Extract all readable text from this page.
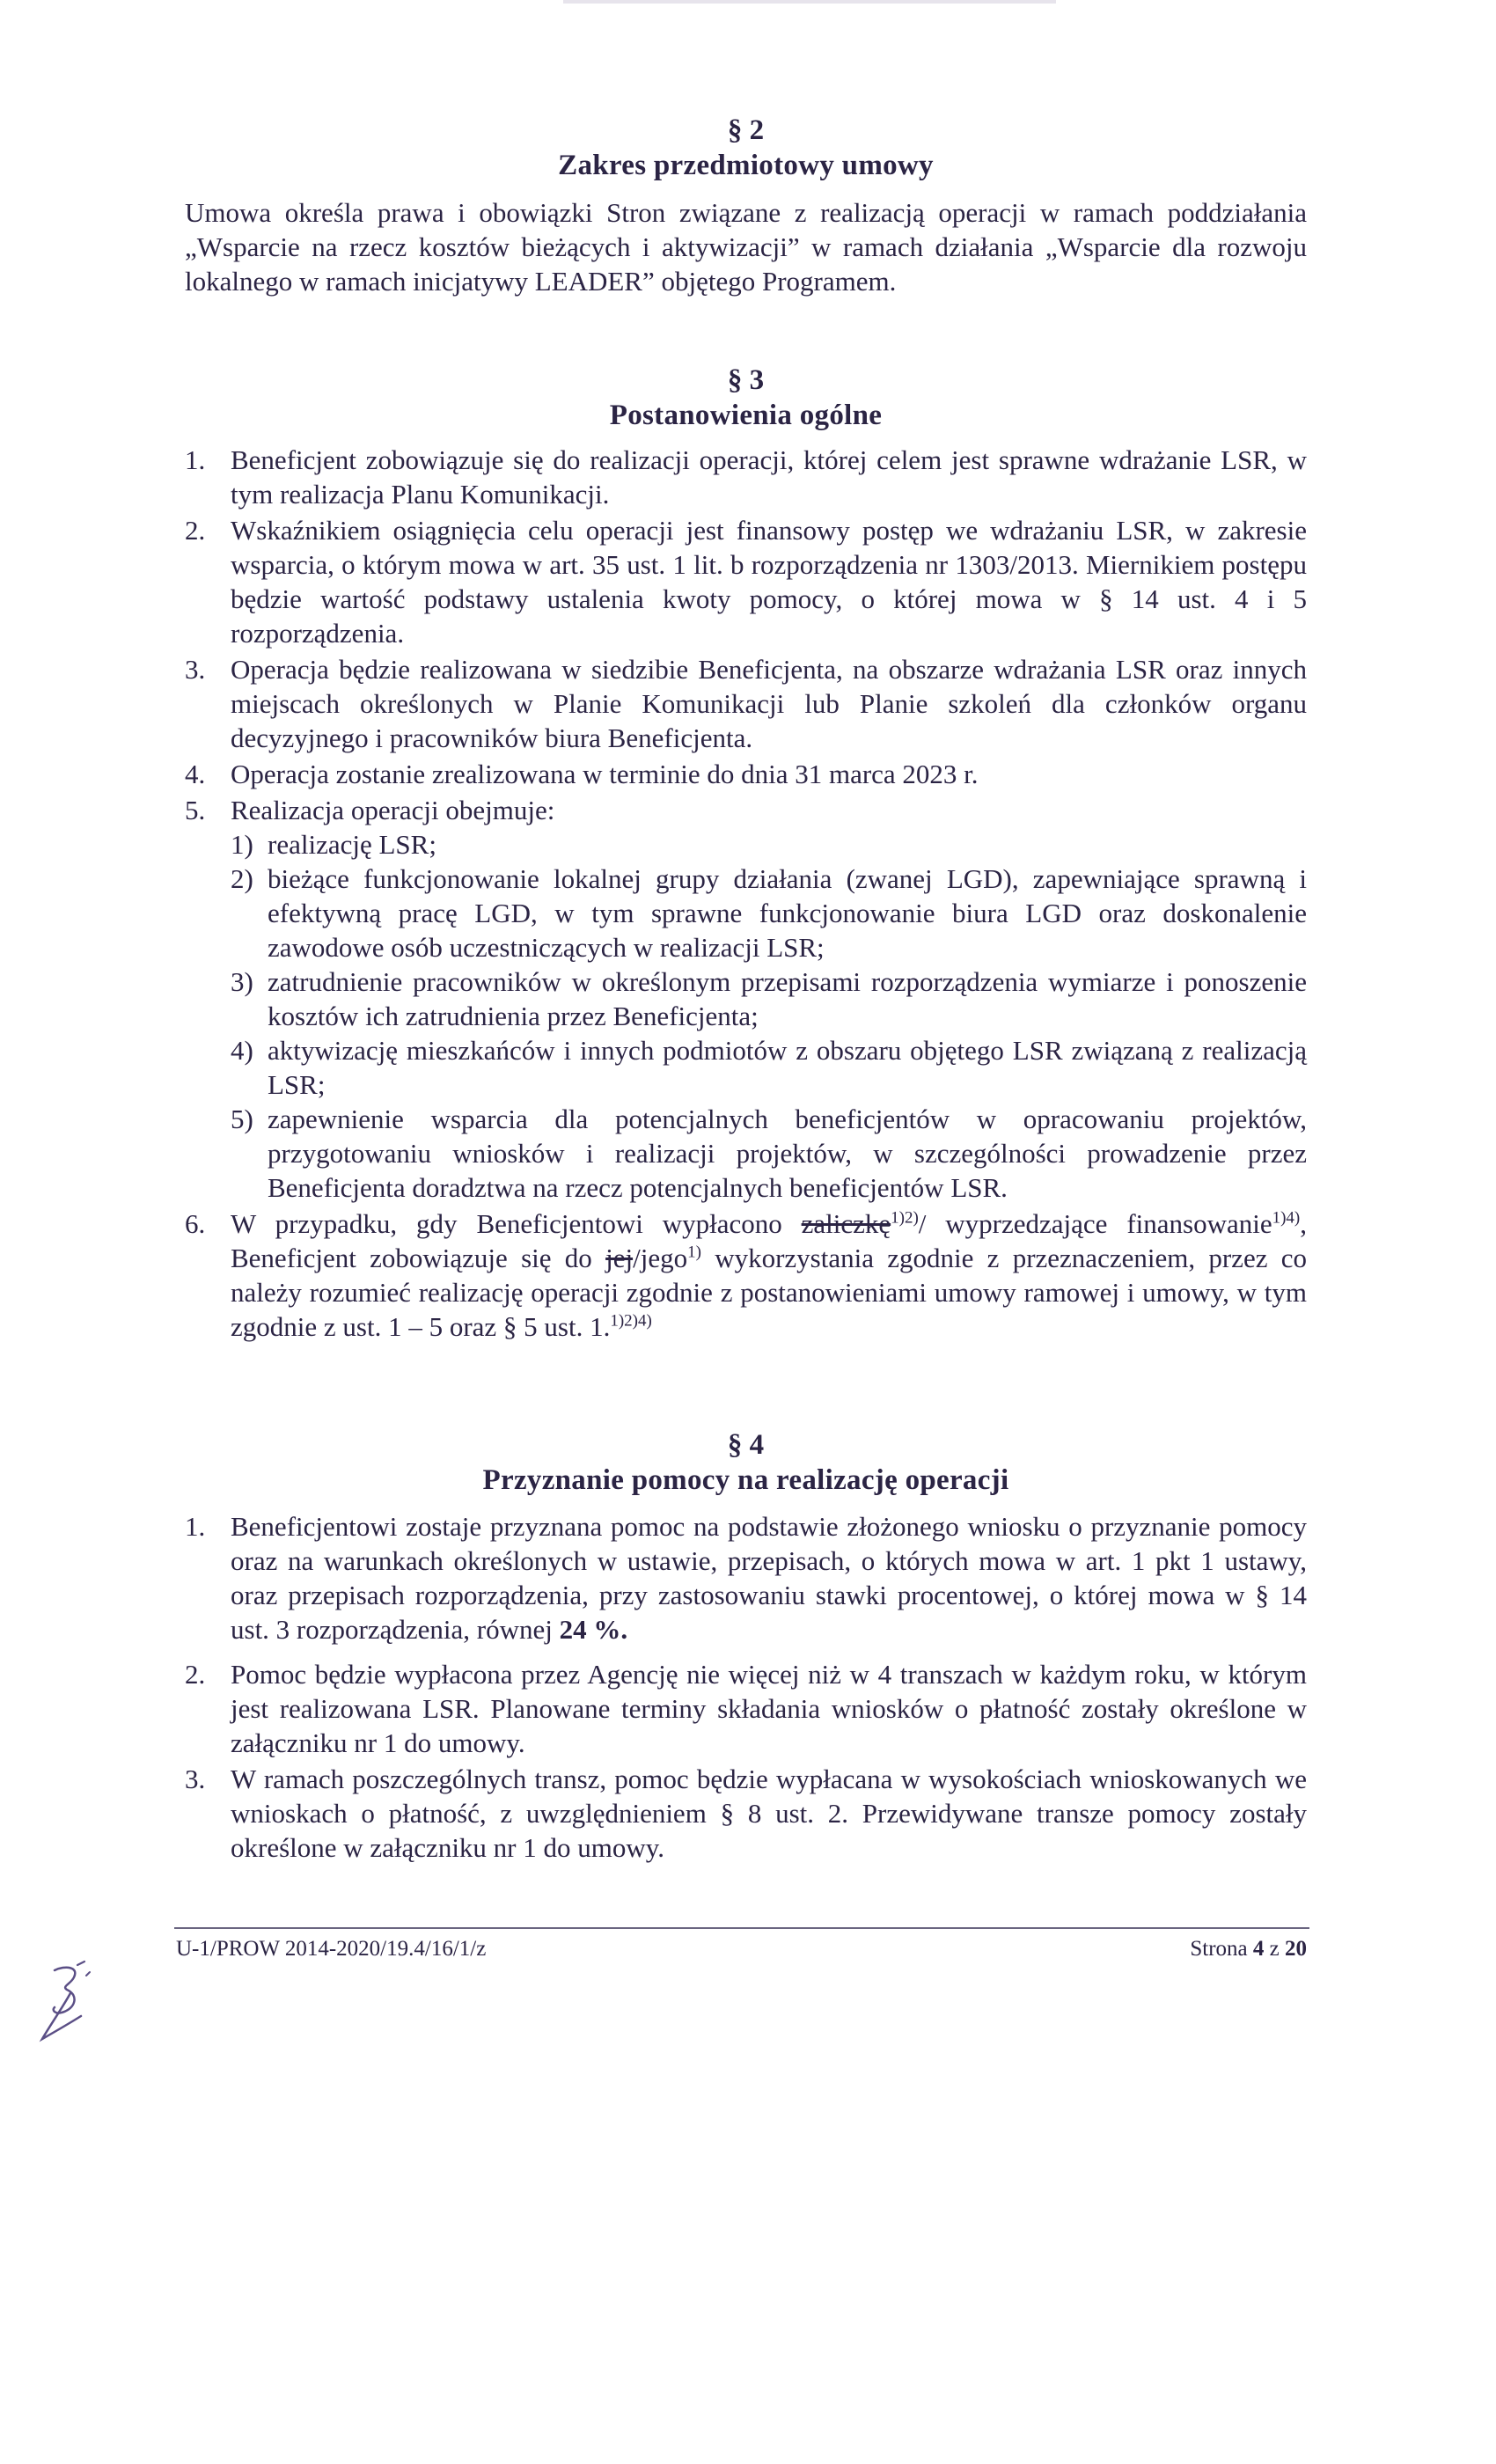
§ 2
Zakres przedmiotowy umowy

Umowa określa prawa i obowiązki Stron związane z realizacją operacji w ramach poddziałania „Wsparcie na rzecz kosztów bieżących i aktywizacji” w ramach działania „Wsparcie dla rozwoju lokalnego w ramach inicjatywy LEADER” objętego Programem.

§ 3
Postanowienia ogólne
1. Beneficjent zobowiązuje się do realizacji operacji, której celem jest sprawne wdrażanie LSR, w tym realizacja Planu Komunikacji.
2. Wskaźnikiem osiągnięcia celu operacji jest finansowy postęp we wdrażaniu LSR, w zakresie wsparcia, o którym mowa w art. 35 ust. 1 lit. b rozporządzenia nr 1303/2013. Miernikiem postępu będzie wartość podstawy ustalenia kwoty pomocy, o której mowa w § 14 ust. 4 i 5 rozporządzenia.
3. Operacja będzie realizowana w siedzibie Beneficjenta, na obszarze wdrażania LSR oraz innych miejscach określonych w Planie Komunikacji lub Planie szkoleń dla członków organu decyzyjnego i pracowników biura Beneficjenta.
4. Operacja zostanie zrealizowana w terminie do dnia 31 marca 2023 r.
5. Realizacja operacji obejmuje:
1) realizację LSR;
2) bieżące funkcjonowanie lokalnej grupy działania (zwanej LGD), zapewniające sprawną i efektywną pracę LGD, w tym sprawne funkcjonowanie biura LGD oraz doskonalenie zawodowe osób uczestniczących w realizacji LSR;
3) zatrudnienie pracowników w określonym przepisami rozporządzenia wymiarze i ponoszenie kosztów ich zatrudnienia przez Beneficjenta;
4) aktywizację mieszkańców i innych podmiotów z obszaru objętego LSR związaną z realizacją LSR;
5) zapewnienie wsparcia dla potencjalnych beneficjentów w opracowaniu projektów, przygotowaniu wniosków i realizacji projektów, w szczególności prowadzenie przez Beneficjenta doradztwa na rzecz potencjalnych beneficjentów LSR.
6. W przypadku, gdy Beneficjentowi wypłacono zaliczkę$^{1)2)}$/ wyprzedzające finansowanie$^{1)4)}$, Beneficjent zobowiązuje się do jej/jego$^{1)}$ wykorzystania zgodnie z przeznaczeniem, przez co należy rozumieć realizację operacji zgodnie z postanowieniami umowy ramowej i umowy, w tym zgodnie z ust. 1 – 5 oraz § 5 ust. 1.$^{1)2)4)}$
§ 4
Przyznanie pomocy na realizację operacji
1. Beneficjentowi zostaje przyznana pomoc na podstawie złożonego wniosku o przyznanie pomocy oraz na warunkach określonych w ustawie, przepisach, o których mowa w art. 1 pkt 1 ustawy, oraz przepisach rozporządzenia, przy zastosowaniu stawki procentowej, o której mowa w § 14 ust. 3 rozporządzenia, równej 24 %.
2. Pomoc będzie wypłacona przez Agencję nie więcej niż w 4 transzach w każdym roku, w którym jest realizowana LSR. Planowane terminy składania wniosków o płatność zostały określone w załączniku nr 1 do umowy.
3. W ramach poszczególnych transz, pomoc będzie wypłacana w wysokościach wnioskowanych we wnioskach o płatność, z uwzględnieniem § 8 ust. 2. Przewidywane transze pomocy zostały określone w załączniku nr 1 do umowy.
U-1/PROW 2014-2020/19.4/16/1/z	Strona 4 z 20
